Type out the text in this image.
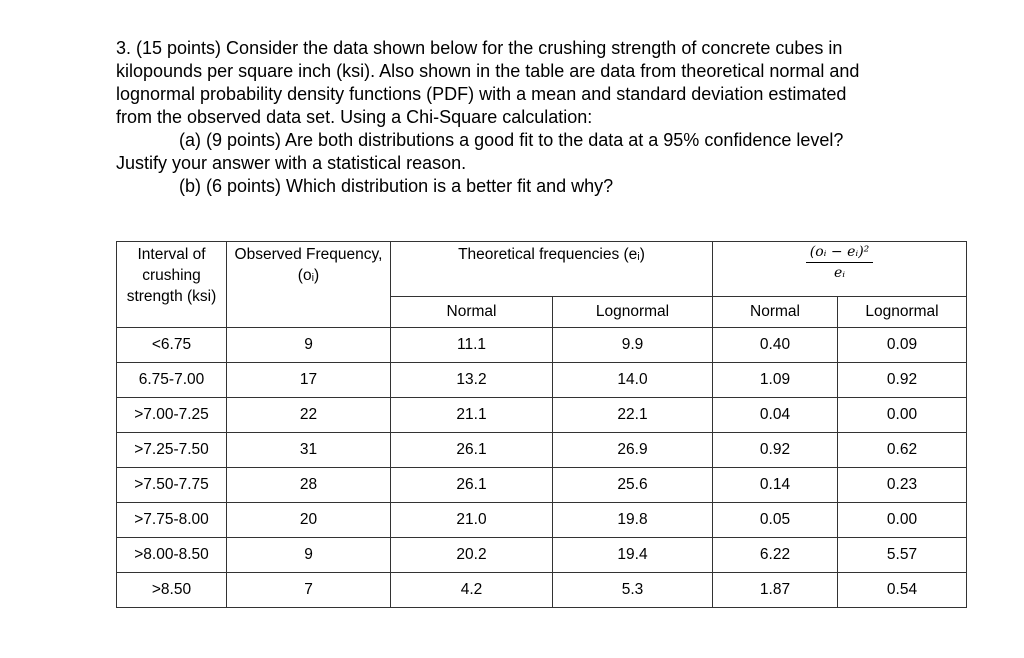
3. (15 points) Consider the data shown below for the crushing strength of concrete cubes in

kilopounds per square inch (ksi). Also shown in the table are data from theoretical normal and

lognormal probability density functions (PDF) with a mean and standard deviation estimated

from the observed data set. Using a Chi-Square calculation:

(a) (9 points) Are both distributions a good fit to the data at a 95% confidence level?

Justify your answer with a statistical reason.

(b) (6 points) Which distribution is a better fit and why?

Interval of crushing strength (ksi)	Observed Frequency, (oᵢ)	Theoretical frequencies (eᵢ)		$\frac{\text{(oᵢ − eᵢ)²}}{\text{eᵢ}}$

		Normal	Lognormal	Normal	Lognormal
<6.75	9	11.1	9.9	0.40	0.09
6.75-7.00	17	13.2	14.0	1.09	0.92
>7.00-7.25	22	21.1	22.1	0.04	0.00
>7.25-7.50	31	26.1	26.9	0.92	0.62
>7.50-7.75	28	26.1	25.6	0.14	0.23
>7.75-8.00	20	21.0	19.8	0.05	0.00
>8.00-8.50	9	20.2	19.4	6.22	5.57
>8.50	7	4.2	5.3	1.87	0.54
